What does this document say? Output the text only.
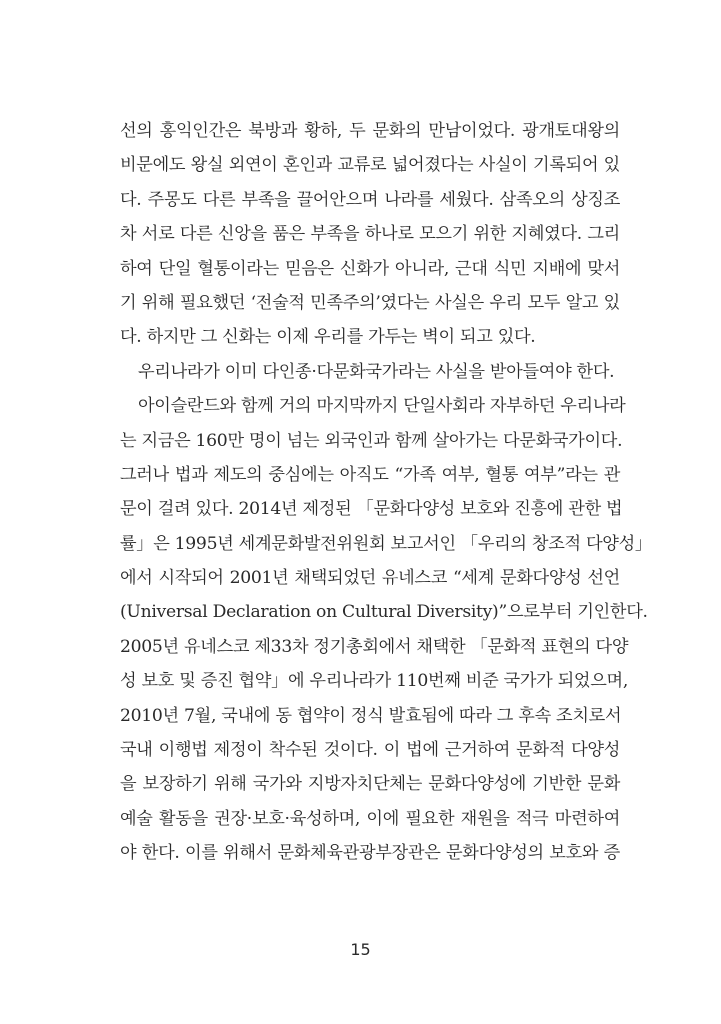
선의 홍익인간은 북방과 황하, 두 문화의 만남이었다. 광개토대왕의
비문에도 왕실 외연이 혼인과 교류로 넓어졌다는 사실이 기록되어 있
다. 주몽도 다른 부족을 끌어안으며 나라를 세웠다. 삼족오의 상징조
차 서로 다른 신앙을 품은 부족을 하나로 모으기 위한 지혜였다. 그리
하여 단일 혈통이라는 믿음은 신화가 아니라, 근대 식민 지배에 맞서
기 위해 필요했던 ‘전술적 민족주의’였다는 사실은 우리 모두 알고 있
다. 하지만 그 신화는 이제 우리를 가두는 벽이 되고 있다.
우리나라가 이미 다인종·다문화국가라는 사실을 받아들여야 한다.
아이슬란드와 함께 거의 마지막까지 단일사회라 자부하던 우리나라
는 지금은 160만 명이 넘는 외국인과 함께 살아가는 다문화국가이다.
그러나 법과 제도의 중심에는 아직도 “가족 여부, 혈통 여부”라는 관
문이 걸려 있다. 2014년 제정된 「문화다양성 보호와 진흥에 관한 법
률」은 1995년 세계문화발전위원회 보고서인 「우리의 창조적 다양성」
에서 시작되어 2001년 채택되었던 유네스코 “세계 문화다양성 선언
(Universal Declaration on Cultural Diversity)”으로부터 기인한다.
2005년 유네스코 제33차 정기총회에서 채택한 「문화적 표현의 다양
성 보호 및 증진 협약」에 우리나라가 110번째 비준 국가가 되었으며,
2010년 7월, 국내에 동 협약이 정식 발효됨에 따라 그 후속 조치로서
국내 이행법 제정이 착수된 것이다. 이 법에 근거하여 문화적 다양성
을 보장하기 위해 국가와 지방자치단체는 문화다양성에 기반한 문화
예술 활동을 권장·보호·육성하며, 이에 필요한 재원을 적극 마련하여
야 한다. 이를 위해서 문화체육관광부장관은 문화다양성의 보호와 증
15
